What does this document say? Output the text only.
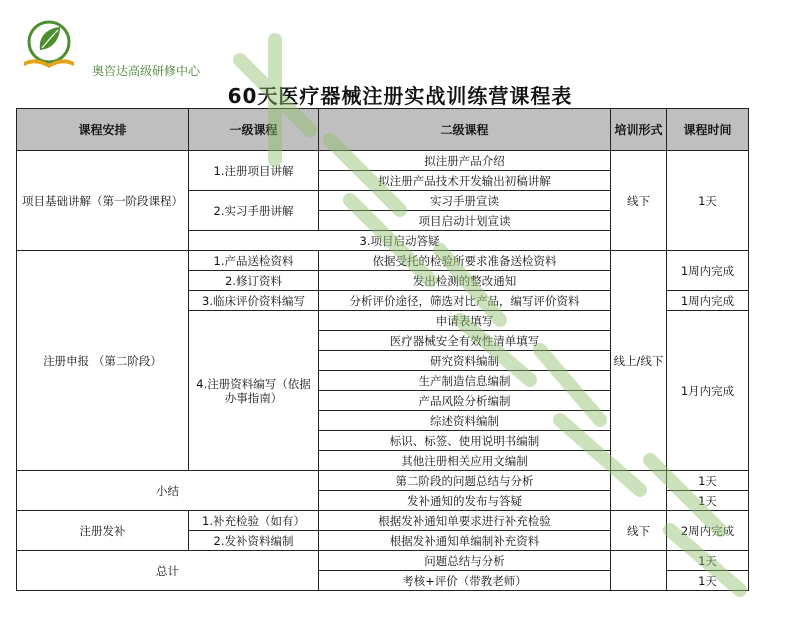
奥咨达高级研修中心
60天医疗器械注册实战训练营课程表
课程安排	一级课程	二级课程	培训形式	课程时间
项目基础讲解（第一阶段课程）	1.注册项目讲解	拟注册产品介绍	线下	1天
		拟注册产品技术开发输出初稿讲解		
	2.实习手册讲解	实习手册宣读		
		项目启动计划宣读		
	3.项目启动答疑			
注册申报 （第二阶段）	1.产品送检资料	依据受托的检验所要求准备送检资料	线上/线下	1周内完成
	2.修订资料	发出检测的整改通知		
	3.临床评价资料编写	分析评价途径，筛选对比产品，编写评价资料		1周内完成
	4.注册资料编写（依据办事指南）	申请表填写		1月内完成
		医疗器械安全有效性清单填写		
		研究资料编制		
		生产制造信息编制		
		产品风险分析编制		
		综述资料编制		
		标识、标签、使用说明书编制		
		其他注册相关应用文编制		
小结		第二阶段的问题总结与分析		1天
		发补通知的发布与答疑		1天
注册发补	1.补充检验（如有）	根据发补通知单要求进行补充检验	线下	2周内完成
	2.发补资料编制	根据发补通知单编制补充资料		
总计		问题总结与分析		1天
		考核+评价（带教老师）		1天
